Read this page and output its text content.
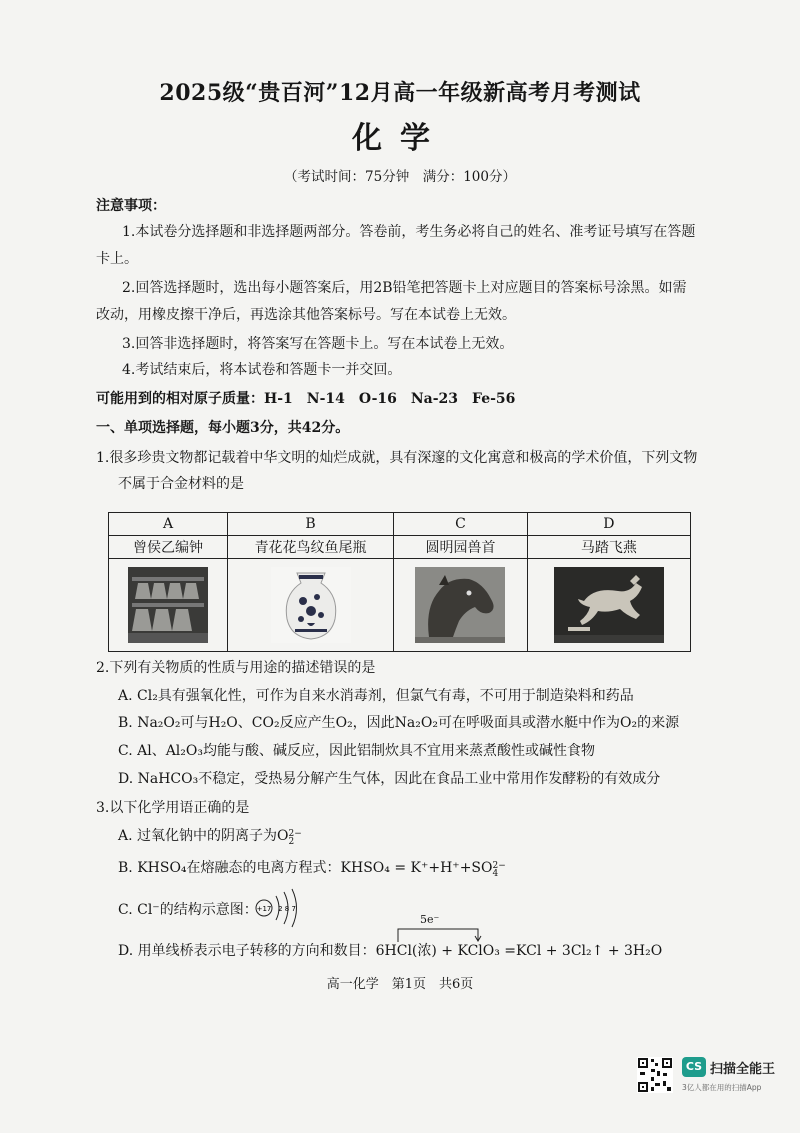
2025级“贵百河”12月高一年级新高考月考测试
化学
（考试时间：75分钟　满分：100分）
注意事项：
1.本试卷分选择题和非选择题两部分。答卷前，考生务必将自己的姓名、准考证号填写在答题
卡上。
2.回答选择题时，选出每小题答案后，用2B铅笔把答题卡上对应题目的答案标号涂黑。如需
改动，用橡皮擦干净后，再选涂其他答案标号。写在本试卷上无效。
3.回答非选择题时，将答案写在答题卡上。写在本试卷上无效。
4.考试结束后，将本试卷和答题卡一并交回。
可能用到的相对原子质量：H-1　N-14　O-16　Na-23　Fe-56
一、单项选择题，每小题3分，共42分。
1.很多珍贵文物都记载着中华文明的灿烂成就，具有深邃的文化寓意和极高的学术价值，下列文物
不属于合金材料的是
A	B	C	D
曾侯乙编钟	青花花鸟纹鱼尾瓶	圆明园兽首	马踏飞燕

2.下列有关物质的性质与用途的描述错误的是
A. Cl₂具有强氧化性，可作为自来水消毒剂，但氯气有毒，不可用于制造染料和药品
B. Na₂O₂可与H₂O、CO₂反应产生O₂，因此Na₂O₂可在呼吸面具或潜水艇中作为O₂的来源
C. Al、Al₂O₃均能与酸、碱反应，因此铝制炊具不宜用来蒸煮酸性或碱性食物
D. NaHCO₃不稳定，受热易分解产生气体，因此在食品工业中常用作发酵粉的有效成分
3.以下化学用语正确的是
A. 过氧化钠中的阴离子为O 2−
2
B. KHSO₄在熔融态的电离方程式：KHSO₄ = K⁺+H⁺+SO 2−
4
C. Cl⁻的结构示意图：
+17 2 8 7
5e⁻
D. 用单线桥表示电子转移的方向和数目：6HCl(浓) + KClO₃ =KCl + 3Cl₂↑ + 3H₂O
高一化学　第1页　共6页
CS 扫描全能王
3亿人都在用的扫描App
